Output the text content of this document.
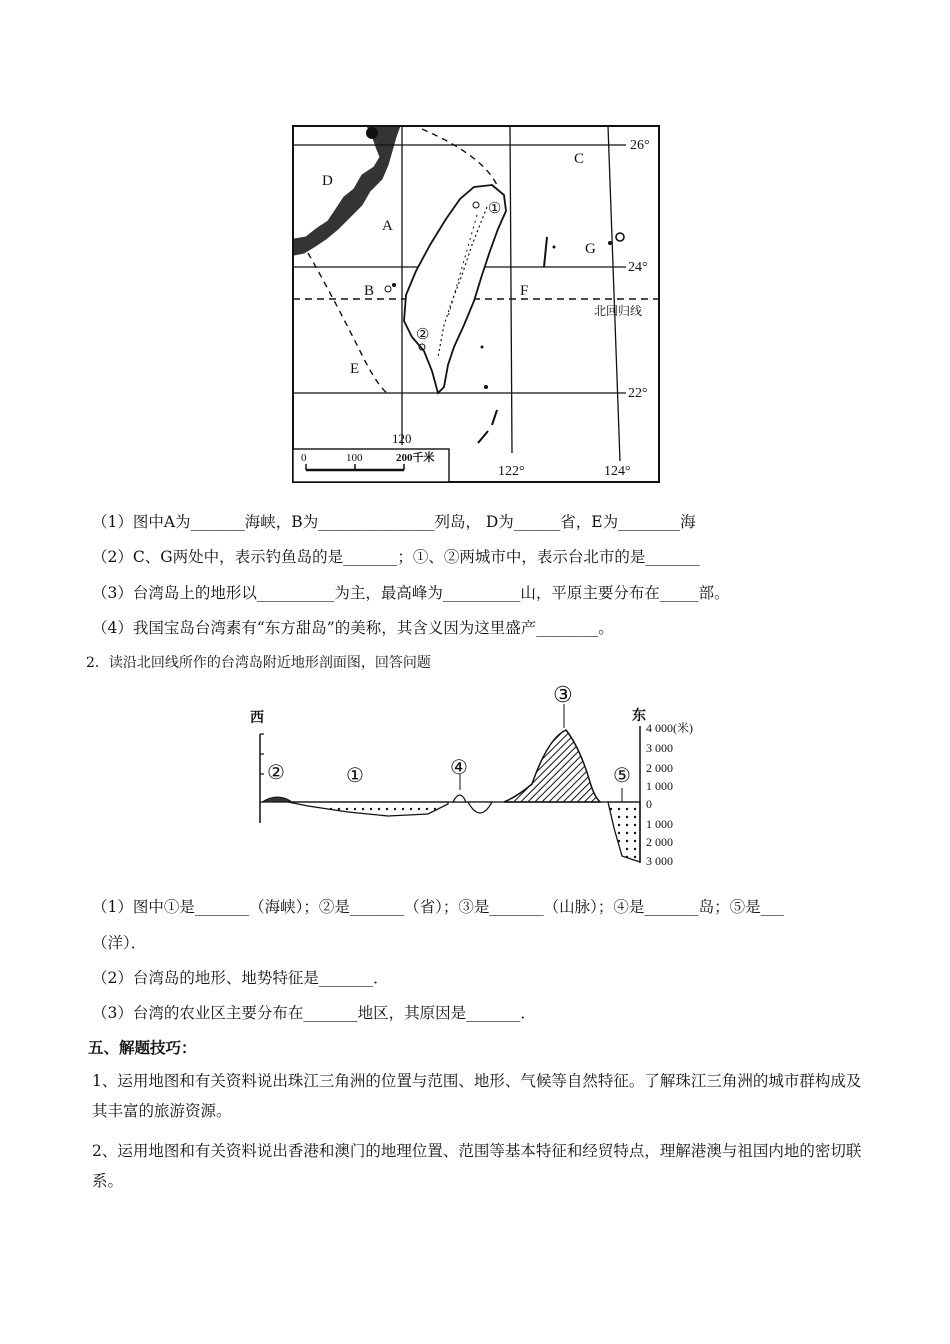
①
②
D
A
B
C
G
F
E
26°
24°
22°
北回归线
120
122°	124°
0	100	200千米
（1）图中A为_______海峡，B为_______________列岛， D为______省，E为________海
（2）C、G两处中，表示钓鱼岛的是_______；①、②两城市中，表示台北市的是_______
（3）台湾岛上的地形以__________为主，最高峰为__________山，平原主要分布在_____部。
（4）我国宝岛台湾素有“东方甜岛”的美称，其含义因为这里盛产________。
2．读沿北回线所作的台湾岛附近地形剖面图，回答问题
西	东
4 000(米)
3 000
2 000
1 000
0
1 000
2 000
3 000
②	①	④
③
⑤
（1）图中①是_______（海峡）；②是_______（省）；③是_______（山脉）；④是_______岛；⑤是___
（洋）．
（2）台湾岛的地形、地势特征是_______．
（3）台湾的农业区主要分布在_______地区，其原因是_______．
五、解题技巧：
1、运用地图和有关资料说出珠江三角洲的位置与范围、地形、气候等自然特征。了解珠江三角洲的城市群构成及其丰富的旅游资源。
2、运用地图和有关资料说出香港和澳门的地理位置、范围等基本特征和经贸特点，理解港澳与祖国内地的密切联系。
